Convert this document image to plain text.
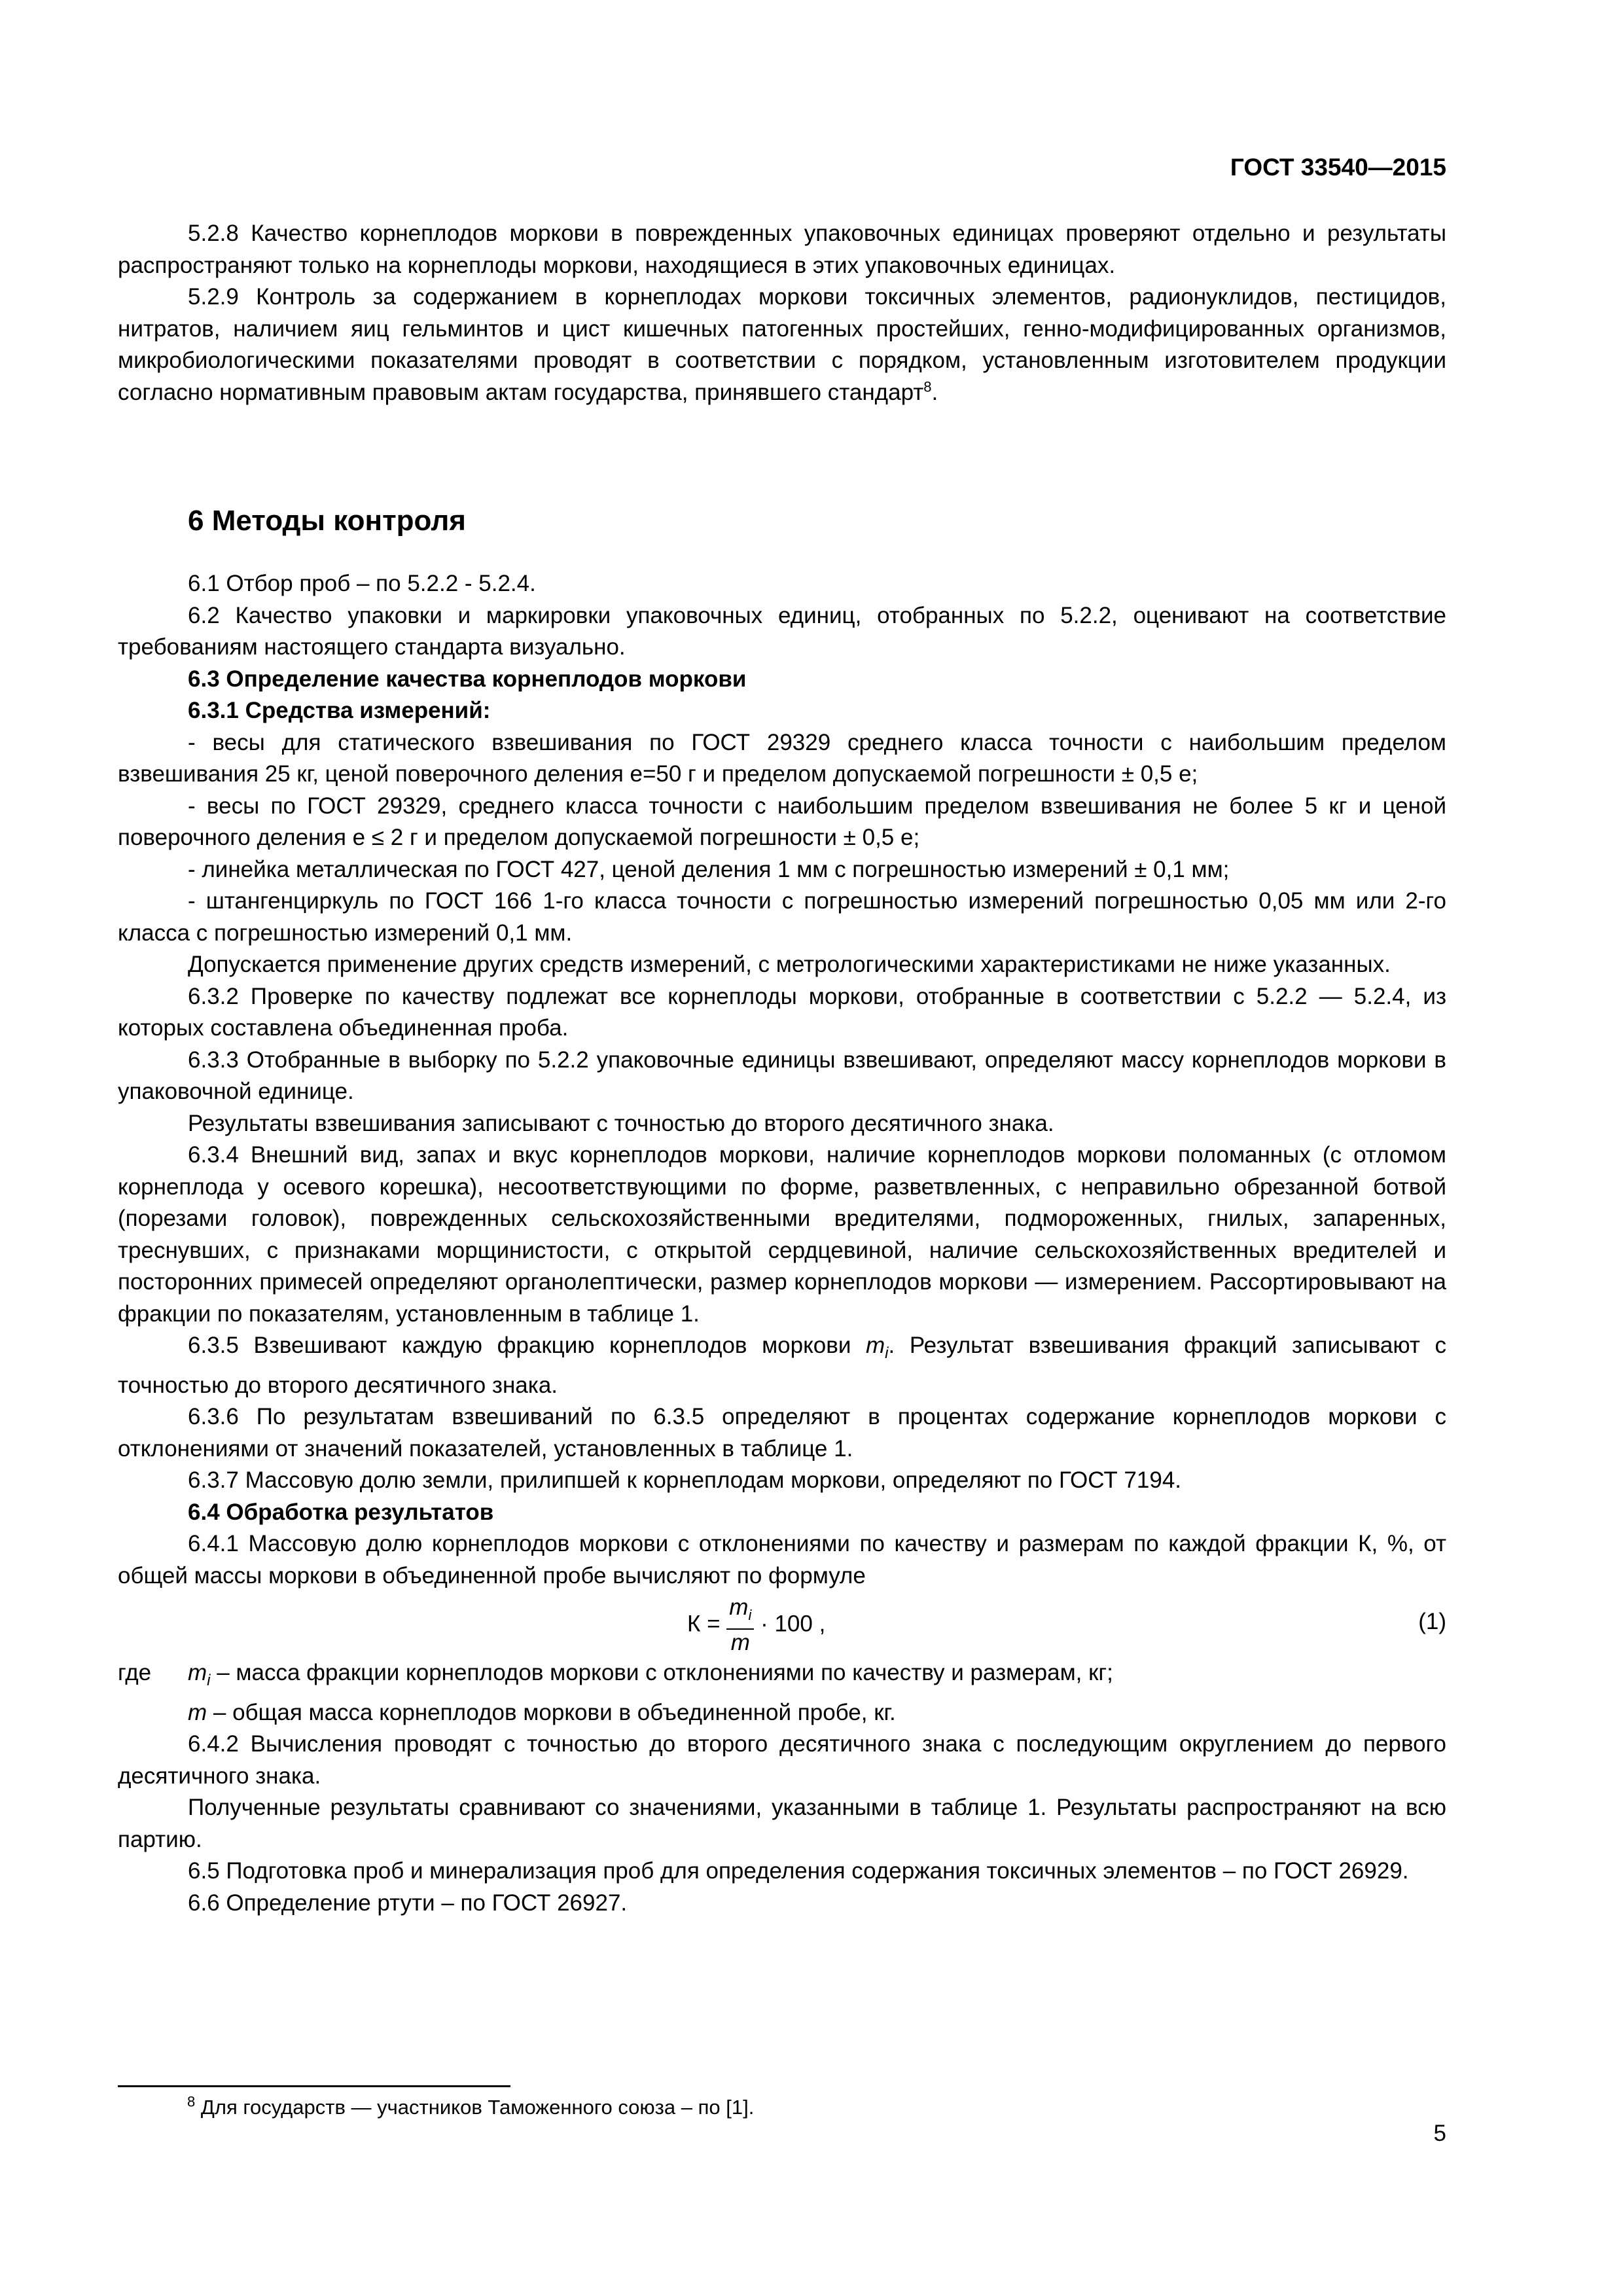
ГОСТ 33540—2015

5.2.8 Качество корнеплодов моркови в поврежденных упаковочных единицах проверяют отдельно и результаты распространяют только на корнеплоды моркови, находящиеся в этих упаковочных единицах.

5.2.9 Контроль за содержанием в корнеплодах моркови токсичных элементов, радионуклидов, пестицидов, нитратов, наличием яиц гельминтов и цист кишечных патогенных простейших, генно-модифицированных организмов, микробиологическими показателями проводят в соответствии с порядком, установленным изготовителем продукции согласно нормативным правовым актам государства, принявшего стандарт$^8$.

6 Методы контроля

6.1 Отбор проб – по 5.2.2 - 5.2.4.

6.2 Качество упаковки и маркировки упаковочных единиц, отобранных по 5.2.2, оценивают на соответствие требованиям настоящего стандарта визуально.

6.3 Определение качества корнеплодов моркови

6.3.1 Средства измерений:

- весы для статического взвешивания по ГОСТ 29329 среднего класса точности с наибольшим пределом взвешивания 25 кг, ценой поверочного деления e=50 г и пределом допускаемой погрешности ± 0,5 е;

- весы по ГОСТ 29329, среднего класса точности с наибольшим пределом взвешивания не более 5 кг и ценой поверочного деления е ≤ 2 г и пределом допускаемой погрешности ± 0,5 е;

- линейка металлическая по ГОСТ 427, ценой деления 1 мм с погрешностью измерений ± 0,1 мм;

- штангенциркуль по ГОСТ 166 1-го класса точности с погрешностью измерений погрешностью 0,05 мм или 2-го класса с погрешностью измерений 0,1 мм.

Допускается применение других средств измерений, с метрологическими характеристиками не ниже указанных.

6.3.2 Проверке по качеству подлежат все корнеплоды моркови, отобранные в соответствии с 5.2.2 — 5.2.4, из которых составлена объединенная проба.

6.3.3 Отобранные в выборку по 5.2.2 упаковочные единицы взвешивают, определяют массу корнеплодов моркови в упаковочной единице.

Результаты взвешивания записывают с точностью до второго десятичного знака.

6.3.4 Внешний вид, запах и вкус корнеплодов моркови, наличие корнеплодов моркови поломанных (с отломом корнеплода у осевого корешка), несоответствующими по форме, разветвленных, с неправильно обрезанной ботвой (порезами головок), поврежденных сельскохозяйственными вредителями, подмороженных, гнилых, запаренных, треснувших, с признаками морщинистости, с открытой сердцевиной, наличие сельскохозяйственных вредителей и посторонних примесей определяют органолептически, размер корнеплодов моркови — измерением. Рассортировывают на фракции по показателям, установленным в таблице 1.

6.3.5 Взвешивают каждую фракцию корнеплодов моркови $m_i$. Результат взвешивания фракций записывают с точностью до второго десятичного знака.

6.3.6 По результатам взвешиваний по 6.3.5 определяют в процентах содержание корнеплодов моркови с отклонениями от значений показателей, установленных в таблице 1.

6.3.7 Массовую долю земли, прилипшей к корнеплодам моркови, определяют по ГОСТ 7194.

6.4 Обработка результатов

6.4.1 Массовую долю корнеплодов моркови с отклонениями по качеству и размерам по каждой фракции К, %, от общей массы моркови в объединенной пробе вычисляют по формуле

$К = \frac{m_i}{m} \cdot 100$ ,	(1)

где $m_i$ – масса фракции корнеплодов моркови с отклонениями по качеству и размерам, кг;

m – общая масса корнеплодов моркови в объединенной пробе, кг.

6.4.2 Вычисления проводят с точностью до второго десятичного знака с последующим округлением до первого десятичного знака.

Полученные результаты сравнивают со значениями, указанными в таблице 1. Результаты распространяют на всю партию.

6.5 Подготовка проб и минерализация проб для определения содержания токсичных элементов – по ГОСТ 26929.

6.6 Определение ртути – по ГОСТ 26927.

$^8$ Для государств — участников Таможенного союза – по [1].
5
